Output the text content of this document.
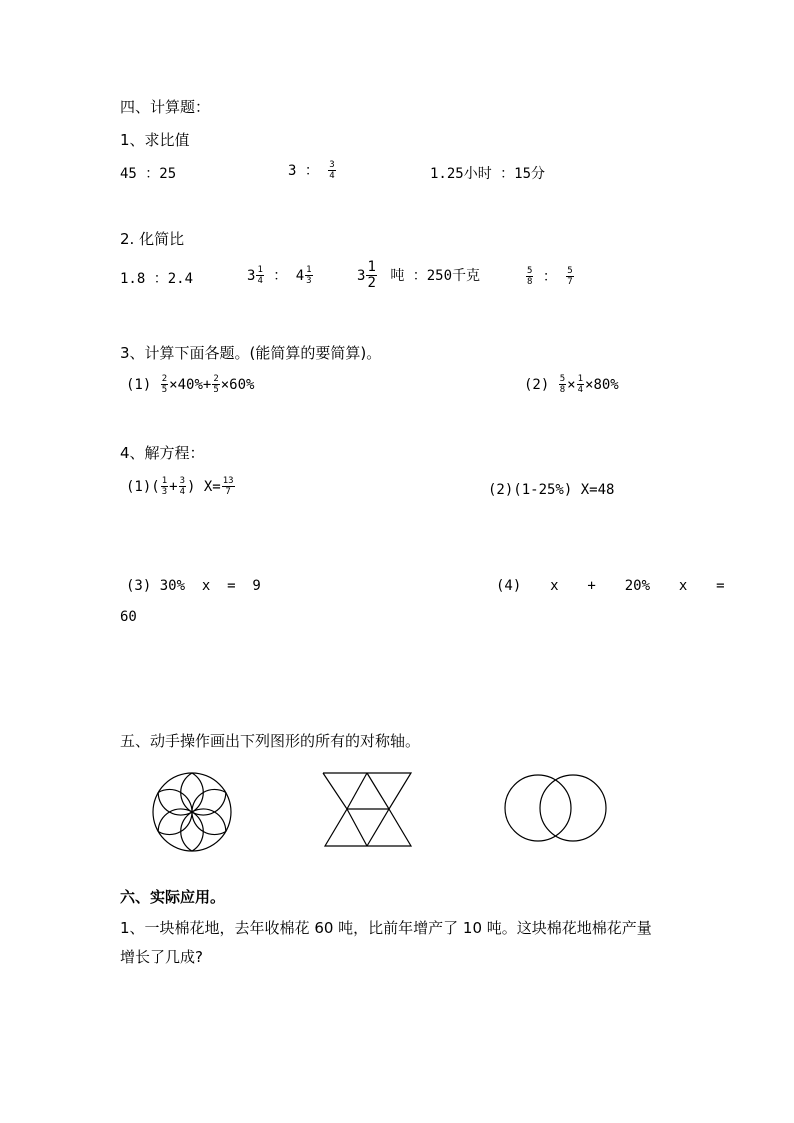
四、计算题：
1、求比值
45 ：25	3 ： $\frac{3}{4}$	1.25小时 ：15分
2. 化简比
1.8 ：2.4	$3 \frac{1}{4}$ ： $4 \frac{1}{3}$	$3 \frac{1}{2}$ 吨 ：250千克	$\frac{5}{8}$ ： $\frac{5}{7}$
3、计算下面各题。(能简算的要简算)。
$(1) \frac{2}{5} \times 40\%+ \frac{2}{5} \times 60\%$	$(2) \frac{5}{8} \times \frac{1}{4} \times 80\%$
4、解方程：
$(1)( \frac{1}{3} + \frac{3}{4}$ ) $X= \frac{13}{7}$	(2)(1-25%) X=48
(3) 30%  x  =  9	(4)  x  +  20%  x  =
60
五、动手操作画出下列图形的所有的对称轴。
六、实际应用。
1、一块棉花地，去年收棉花 60 吨，比前年增产了 10 吨。这块棉花地棉花产量
增长了几成?
